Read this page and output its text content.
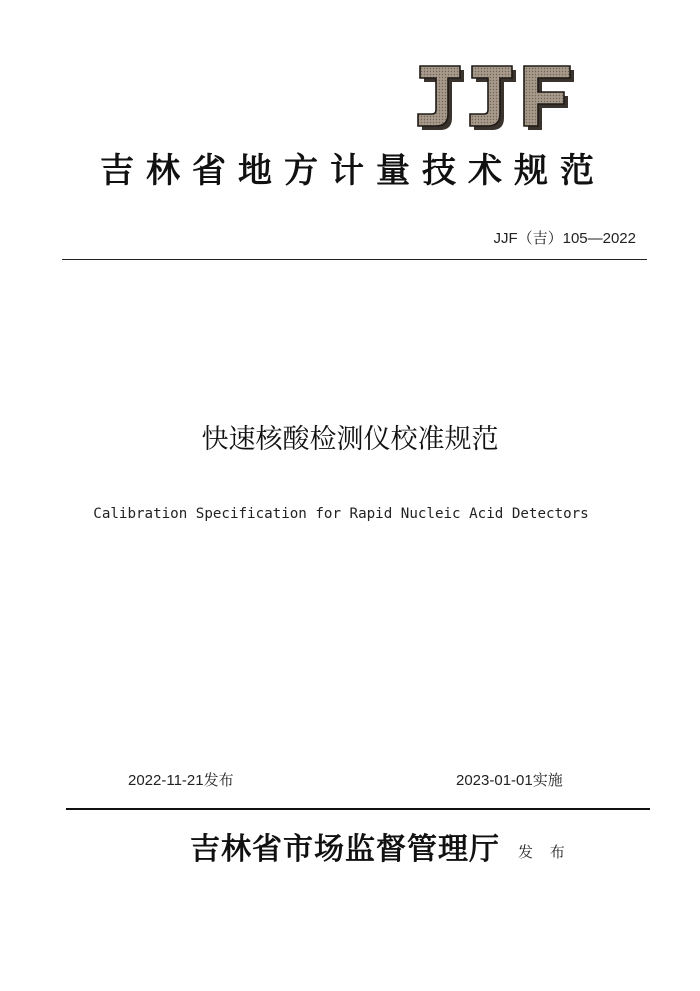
吉林省地方计量技术规范
JJF（吉）105—2022
快速核酸检测仪校准规范
Calibration Specification for Rapid Nucleic Acid Detectors
2022-11-21发布	2023-01-01实施
吉林省市场监督管理厅 发 布
